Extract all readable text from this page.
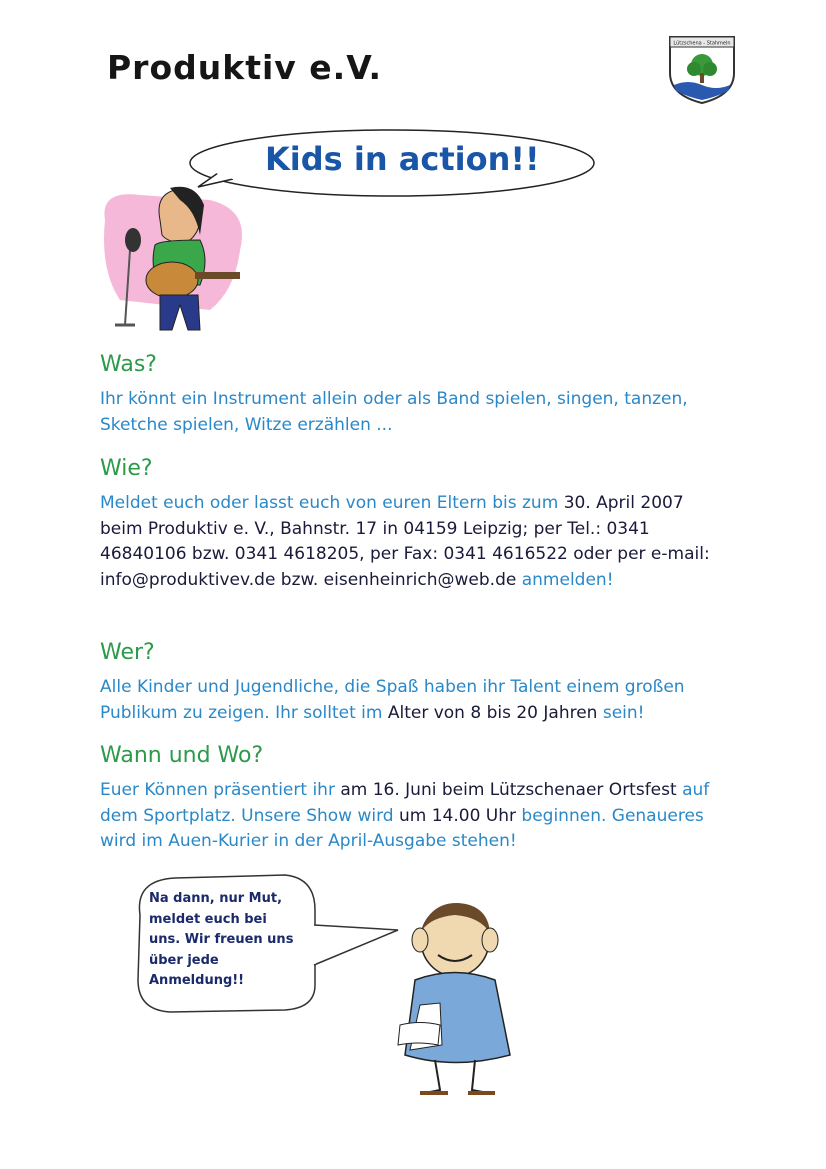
Produktiv e.V.
Lützschena - Stahmeln
Kids in action!!
Was?
Ihr könnt ein Instrument allein oder als Band spielen, singen, tanzen, Sketche spielen, Witze erzählen ...
Wie?
Meldet euch oder lasst euch von euren Eltern bis zum 30. April 2007 beim Produktiv e. V., Bahnstr. 17 in 04159 Leipzig; per Tel.: 0341 46840106 bzw. 0341 4618205, per Fax: 0341 4616522 oder per e-mail: info@produktivev.de bzw. eisenheinrich@web.de anmelden!
Wer?
Alle Kinder und Jugendliche, die Spaß haben ihr Talent einem großen Publikum zu zeigen. Ihr solltet im Alter von 8 bis 20 Jahren sein!
Wann und Wo?
Euer Können präsentiert ihr am 16. Juni beim Lützschenaer Ortsfest auf dem Sportplatz. Unsere Show wird um 14.00 Uhr beginnen. Genaueres wird im Auen-Kurier in der April-Ausgabe stehen!
Na dann, nur Mut, meldet euch bei uns. Wir freuen uns über jede Anmeldung!!
